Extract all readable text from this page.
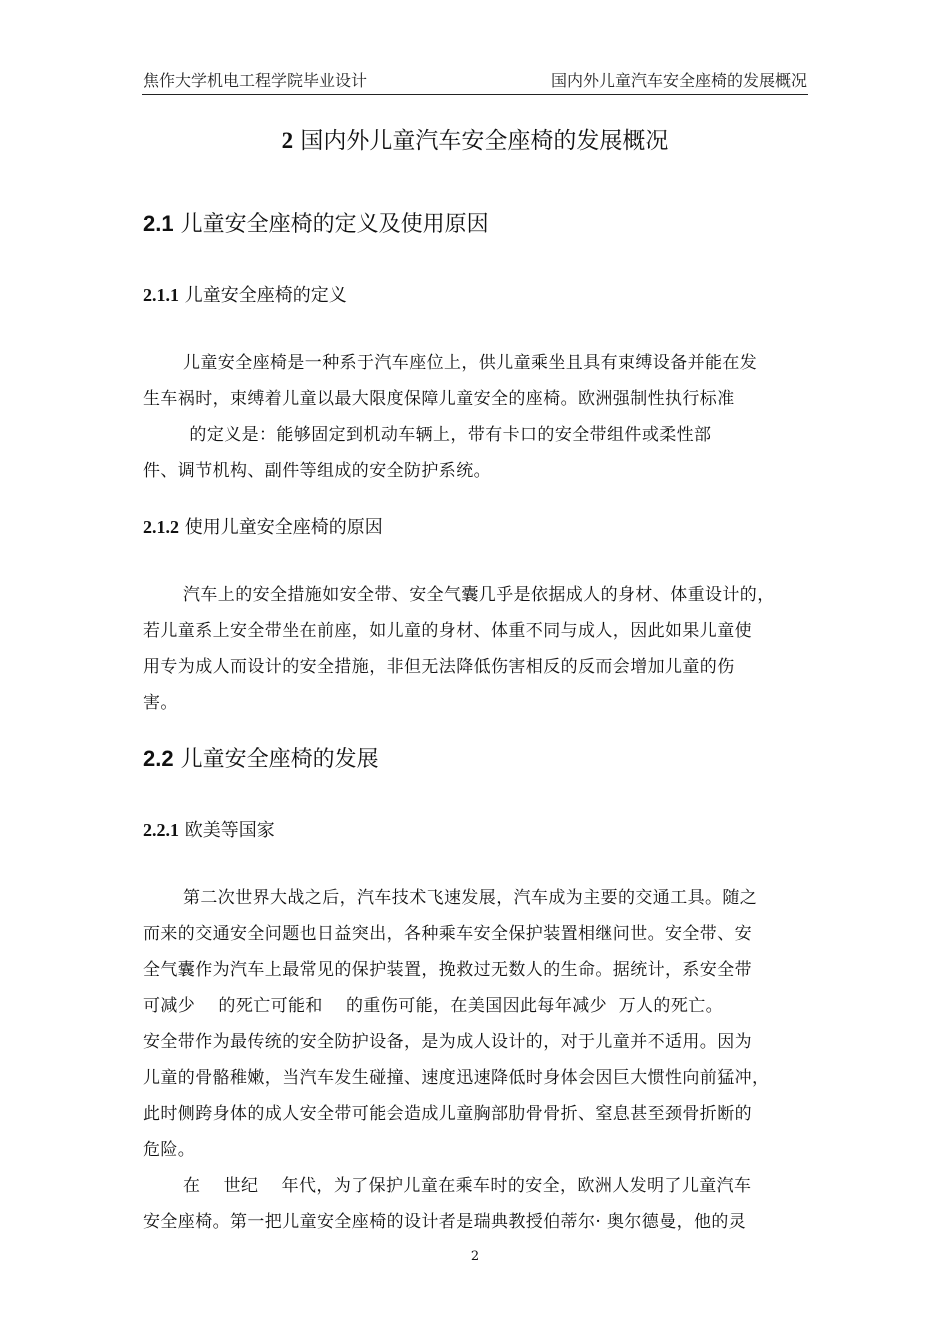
焦作大学机电工程学院毕业设计	国内外儿童汽车安全座椅的发展概况
2 国内外儿童汽车安全座椅的发展概况
2.1 儿童安全座椅的定义及使用原因
2.1.1 儿童安全座椅的定义
儿童安全座椅是一种系于汽车座位上，供儿童乘坐且具有束缚设备并能在发
生车祸时，束缚着儿童以最大限度保障儿童安全的座椅。欧洲强制性执行标准
的定义是：能够固定到机动车辆上，带有卡口的安全带组件或柔性部
件、调节机构、副件等组成的安全防护系统。
2.1.2 使用儿童安全座椅的原因
汽车上的安全措施如安全带、安全气囊几乎是依据成人的身材、体重设计的，
若儿童系上安全带坐在前座，如儿童的身材、体重不同与成人，因此如果儿童使
用专为成人而设计的安全措施，非但无法降低伤害相反的反而会增加儿童的伤
害。
2.2 儿童安全座椅的发展
2.2.1 欧美等国家
第二次世界大战之后，汽车技术飞速发展，汽车成为主要的交通工具。随之
而来的交通安全问题也日益突出，各种乘车安全保护装置相继问世。安全带、安
全气囊作为汽车上最常见的保护装置，挽救过无数人的生命。据统计，系安全带
可减少    的死亡可能和    的重伤可能，在美国因此每年减少  万人的死亡。
安全带作为最传统的安全防护设备，是为成人设计的，对于儿童并不适用。因为
儿童的骨骼稚嫩，当汽车发生碰撞、速度迅速降低时身体会因巨大惯性向前猛冲，
此时侧跨身体的成人安全带可能会造成儿童胸部肋骨骨折、窒息甚至颈骨折断的
危险。
在    世纪    年代，为了保护儿童在乘车时的安全，欧洲人发明了儿童汽车
安全座椅。第一把儿童安全座椅的设计者是瑞典教授伯蒂尔· 奥尔德曼，他的灵
2
